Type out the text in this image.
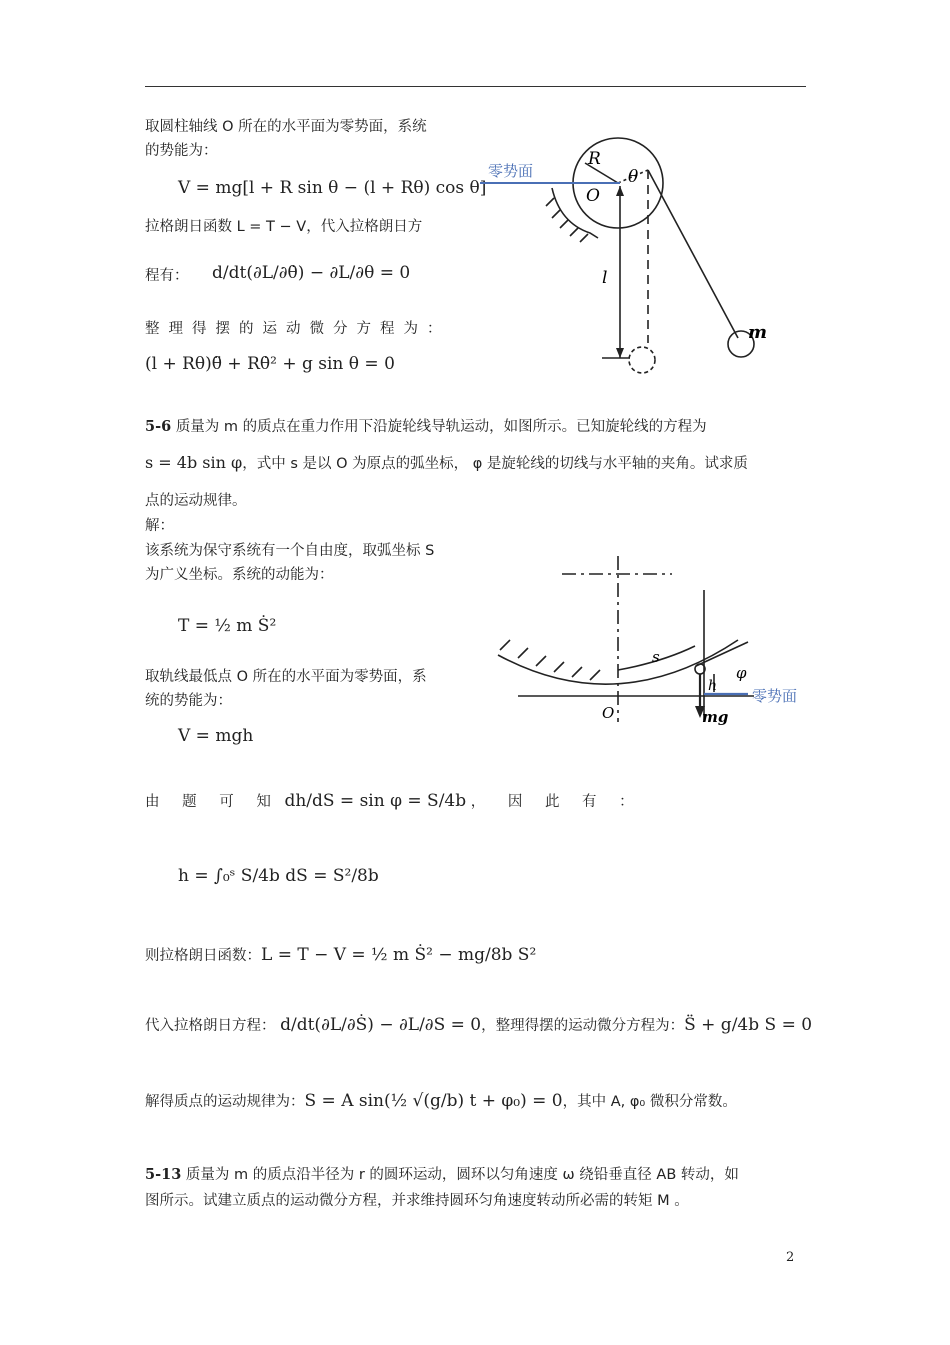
取圆柱轴线 O 所在的水平面为零势面，系统
的势能为：
V = mg[l + R sin θ − (l + Rθ) cos θ]
拉格朗日函数 L = T − V，代入拉格朗日方
程有： d/dt(∂L/∂θ̇) − ∂L/∂θ = 0
整理得摆的运动微分方程为：
(l + Rθ)θ̈ + Rθ̇² + g sin θ = 0
零势面
R
O
θ
l
m
5-6 质量为 m 的质点在重力作用下沿旋轮线导轨运动，如图所示。已知旋轮线的方程为
s = 4b sin φ，式中 s 是以 O 为原点的弧坐标， φ 是旋轮线的切线与水平轴的夹角。试求质
点的运动规律。
解：
该系统为保守系统有一个自由度，取弧坐标 S
为广义坐标。系统的动能为：
T = ½ m Ṡ²
取轨线最低点 O 所在的水平面为零势面，系
统的势能为：
V = mgh
由 题 可 知 dh/dS = sin φ = S/4b ， 因 此 有 ：
h = ∫₀ˢ S/4b dS = S²/8b
则拉格朗日函数：L = T − V = ½ m Ṡ² − mg/8b S²
代入拉格朗日方程： d/dt(∂L/∂Ṡ) − ∂L/∂S = 0，整理得摆的运动微分方程为：S̈ + g/4b S = 0
解得质点的运动规律为：S = A sin(½ √(g/b) t + φ₀) = 0，其中 A, φ₀ 微积分常数。
s
h
φ
O	mg
零势面
5-13 质量为 m 的质点沿半径为 r 的圆环运动，圆环以匀角速度 ω 绕铅垂直径 AB 转动，如
图所示。试建立质点的运动微分方程，并求维持圆环匀角速度转动所必需的转矩 M 。
2
